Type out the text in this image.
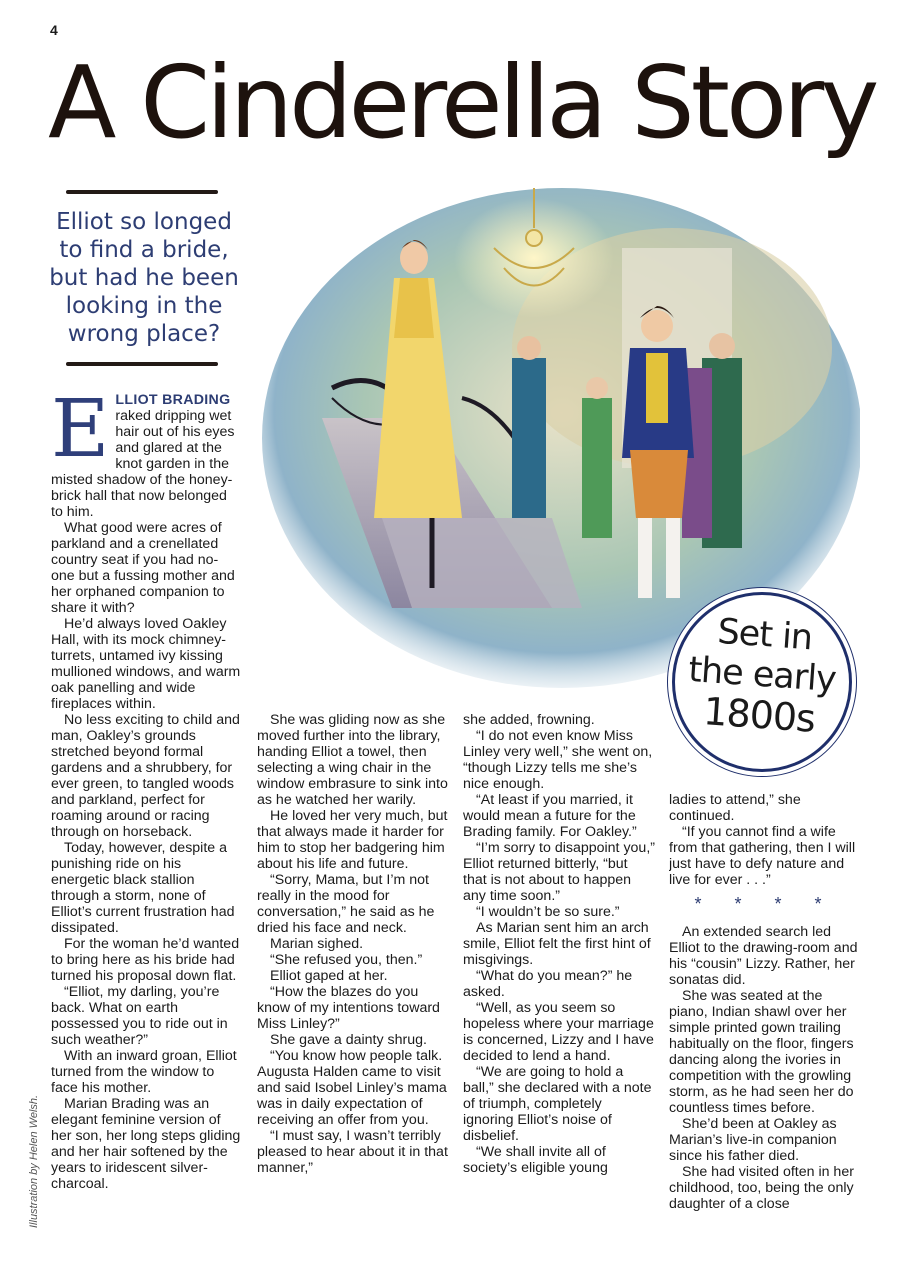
4
A Cinderella Story
Elliot so longed to find a bride, but had he been looking in the wrong place?
Set in
the early
1800s
E LLIOT BRADING
raked dripping wet hair out of his eyes and glared at the knot garden in the misted shadow of the honey-brick hall that now belonged to him.

What good were acres of parkland and a crenellated country seat if you had no-one but a fussing mother and her orphaned companion to share it with?

He’d always loved Oakley Hall, with its mock chimney-turrets, untamed ivy kissing mullioned windows, and warm oak panelling and wide fireplaces within.

No less exciting to child and man, Oakley’s grounds stretched beyond formal gardens and a shrubbery, for ever green, to tangled woods and parkland, perfect for roaming around or racing through on horseback.

Today, however, despite a punishing ride on his energetic black stallion through a storm, none of Elliot’s current frustration had dissipated.

For the woman he’d wanted to bring here as his bride had turned his proposal down flat.

“Elliot, my darling, you’re back. What on earth possessed you to ride out in such weather?”

With an inward groan, Elliot turned from the window to face his mother.

Marian Brading was an elegant feminine version of her son, her long steps gliding and her hair softened by the years to iridescent silver-charcoal.

She was gliding now as she moved further into the library, handing Elliot a towel, then selecting a wing chair in the window embrasure to sink into as he watched her warily.

He loved her very much, but that always made it harder for him to stop her badgering him about his life and future.

“Sorry, Mama, but I’m not really in the mood for conversation,” he said as he dried his face and neck.

Marian sighed.

“She refused you, then.”

Elliot gaped at her.

“How the blazes do you know of my intentions toward Miss Linley?”

She gave a dainty shrug.

“You know how people talk. Augusta Halden came to visit and said Isobel Linley’s mama was in daily expectation of receiving an offer from you.

“I must say, I wasn’t terribly pleased to hear about it in that manner,”

she added, frowning.

“I do not even know Miss Linley very well,” she went on, “though Lizzy tells me she’s nice enough.

“At least if you married, it would mean a future for the Brading family. For Oakley.”

“I’m sorry to disappoint you,” Elliot returned bitterly, “but that is not about to happen any time soon.”

“I wouldn’t be so sure.”

As Marian sent him an arch smile, Elliot felt the first hint of misgivings.

“What do you mean?” he asked.

“Well, as you seem so hopeless where your marriage is concerned, Lizzy and I have decided to lend a hand.

“We are going to hold a ball,” she declared with a note of triumph, completely ignoring Elliot’s noise of disbelief.

“We shall invite all of society’s eligible young

ladies to attend,” she continued.

“If you cannot find a wife from that gathering, then I will just have to defy nature and live for ever . . .”

* * * *

An extended search led Elliot to the drawing-room and his “cousin” Lizzy. Rather, her sonatas did.

She was seated at the piano, Indian shawl over her simple printed gown trailing habitually on the floor, fingers dancing along the ivories in competition with the growling storm, as he had seen her do countless times before.

She’d been at Oakley as Marian’s live-in companion since his father died.

She had visited often in her childhood, too, being the only daughter of a close

Illustration by Helen Welsh.
